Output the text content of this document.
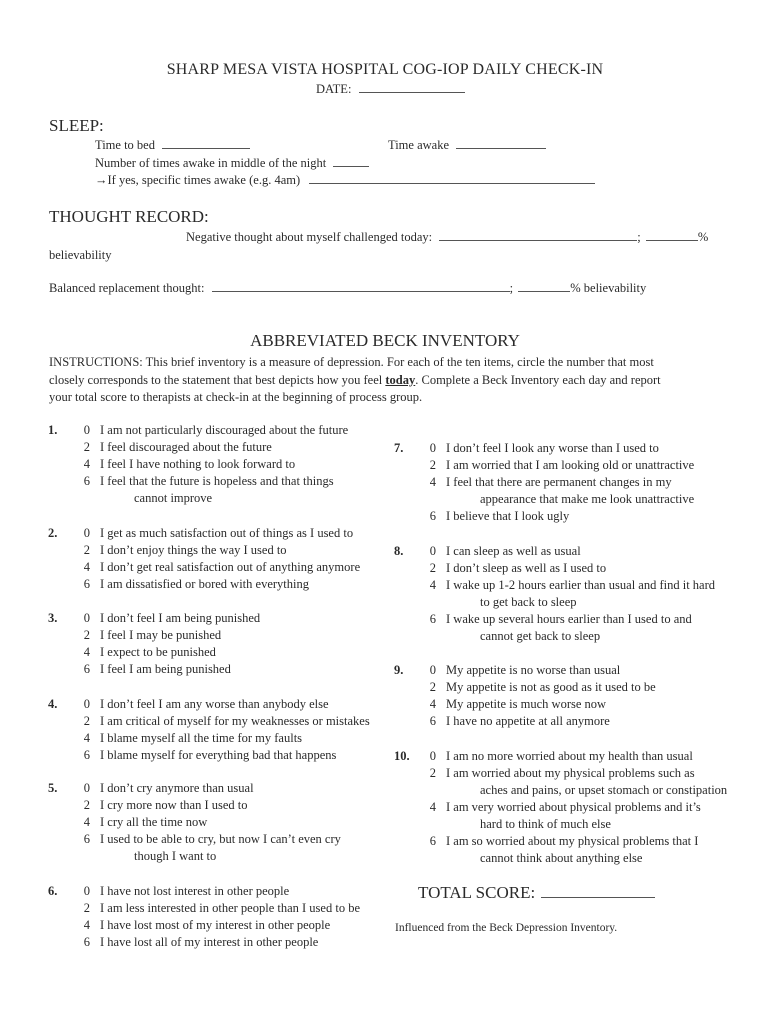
SHARP MESA VISTA HOSPITAL COG-IOP DAILY CHECK-IN
DATE:
SLEEP:
Time to bed	Time awake
Number of times awake in middle of the night
→If yes, specific times awake (e.g. 4am)
THOUGHT RECORD:
Negative thought about myself challenged today:	;	%
believability
Balanced replacement thought:	;	% believability
ABBREVIATED BECK INVENTORY
INSTRUCTIONS: This brief inventory is a measure of depression. For each of the ten items, circle the number that most
closely corresponds to the statement that best depicts how you feel today. Complete a Beck Inventory each day and report
your total score to therapists at check-in at the beginning of process group.
1.	0 I am not particularly discouraged about the future
2 I feel discouraged about the future
4 I feel I have nothing to look forward to
6 I feel that the future is hopeless and that things
cannot improve
2.	0 I get as much satisfaction out of things as I used to
2 I don’t enjoy things the way I used to
4 I don’t get real satisfaction out of anything anymore
6 I am dissatisfied or bored with everything
3.	0 I don’t feel I am being punished
2 I feel I may be punished
4 I expect to be punished
6 I feel I am being punished
4.	0 I don’t feel I am any worse than anybody else
2 I am critical of myself for my weaknesses or mistakes
4 I blame myself all the time for my faults
6 I blame myself for everything bad that happens
5.	0 I don’t cry anymore than usual
2 I cry more now than I used to
4 I cry all the time now
6 I used to be able to cry, but now I can’t even cry
though I want to
6.	0 I have not lost interest in other people
2 I am less interested in other people than I used to be
4 I have lost most of my interest in other people
6 I have lost all of my interest in other people
7.	0 I don’t feel I look any worse than I used to
2 I am worried that I am looking old or unattractive
4 I feel that there are permanent changes in my
appearance that make me look unattractive
6 I believe that I look ugly
8.	0 I can sleep as well as usual
2 I don’t sleep as well as I used to
4 I wake up 1-2 hours earlier than usual and find it hard
to get back to sleep
6 I wake up several hours earlier than I used to and
cannot get back to sleep
9.	0 My appetite is no worse than usual
2 My appetite is not as good as it used to be
4 My appetite is much worse now
6 I have no appetite at all anymore
10.	0 I am no more worried about my health than usual
2 I am worried about my physical problems such as
aches and pains, or upset stomach or constipation
4 I am very worried about physical problems and it’s
hard to think of much else
6 I am so worried about my physical problems that I
cannot think about anything else
TOTAL SCORE:
Influenced from the Beck Depression Inventory.
